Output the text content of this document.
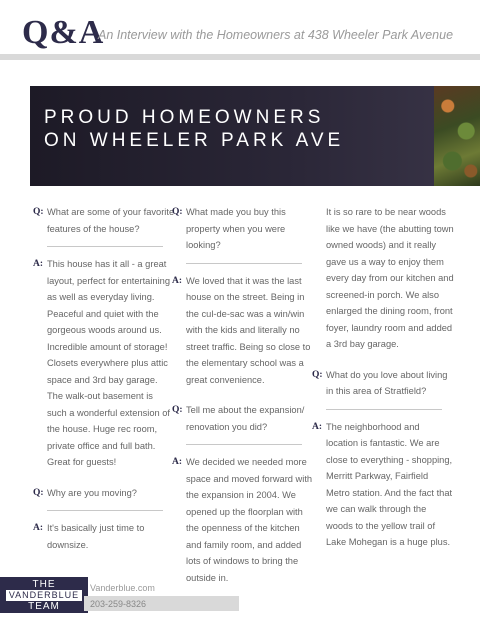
Q&A
An Interview with the Homeowners at 438 Wheeler Park Avenue
PROUD HOMEOWNERS
ON WHEELER PARK AVE

Q: What are some of your favorite features of the house?

A: This house has it all - a great layout, perfect for entertaining as well as everyday living. Peaceful and quiet with the gorgeous woods around us. Incredible amount of storage! Closets everywhere plus attic space and 3rd bay garage. The walk-out basement is such a wonderful extension of the house. Huge rec room, private office and full bath. Great for guests!

Q: Why are you moving?

A: It's basically just time to downsize.

Q: What made you buy this property when you were looking?

A: We loved that it was the last house on the street. Being in the cul-de-sac was a win/win with the kids and literally no street traffic. Being so close to the elementary school was a great convenience.

Q: Tell me about the expansion/ renovation you did?

A: We decided we needed more space and moved forward with the expansion in 2004. We opened up the floorplan with the openness of the kitchen and family room, and added lots of windows to bring the outside in.

It is so rare to be near woods like we have (the abutting town owned woods) and it really gave us a way to enjoy them every day from our kitchen and screened-in porch. We also enlarged the dining room, front foyer, laundry room and added a 3rd bay garage.

Q: What do you love about living in this area of Stratfield?

A: The neighborhood and location is fantastic. We are close to everything - shopping, Merritt Parkway, Fairfield Metro station. And the fact that we can walk through the woods to the yellow trail of Lake Mohegan is a huge plus.

THE
VANDERBLUE
TEAM
Vanderblue.com
203-259-8326
